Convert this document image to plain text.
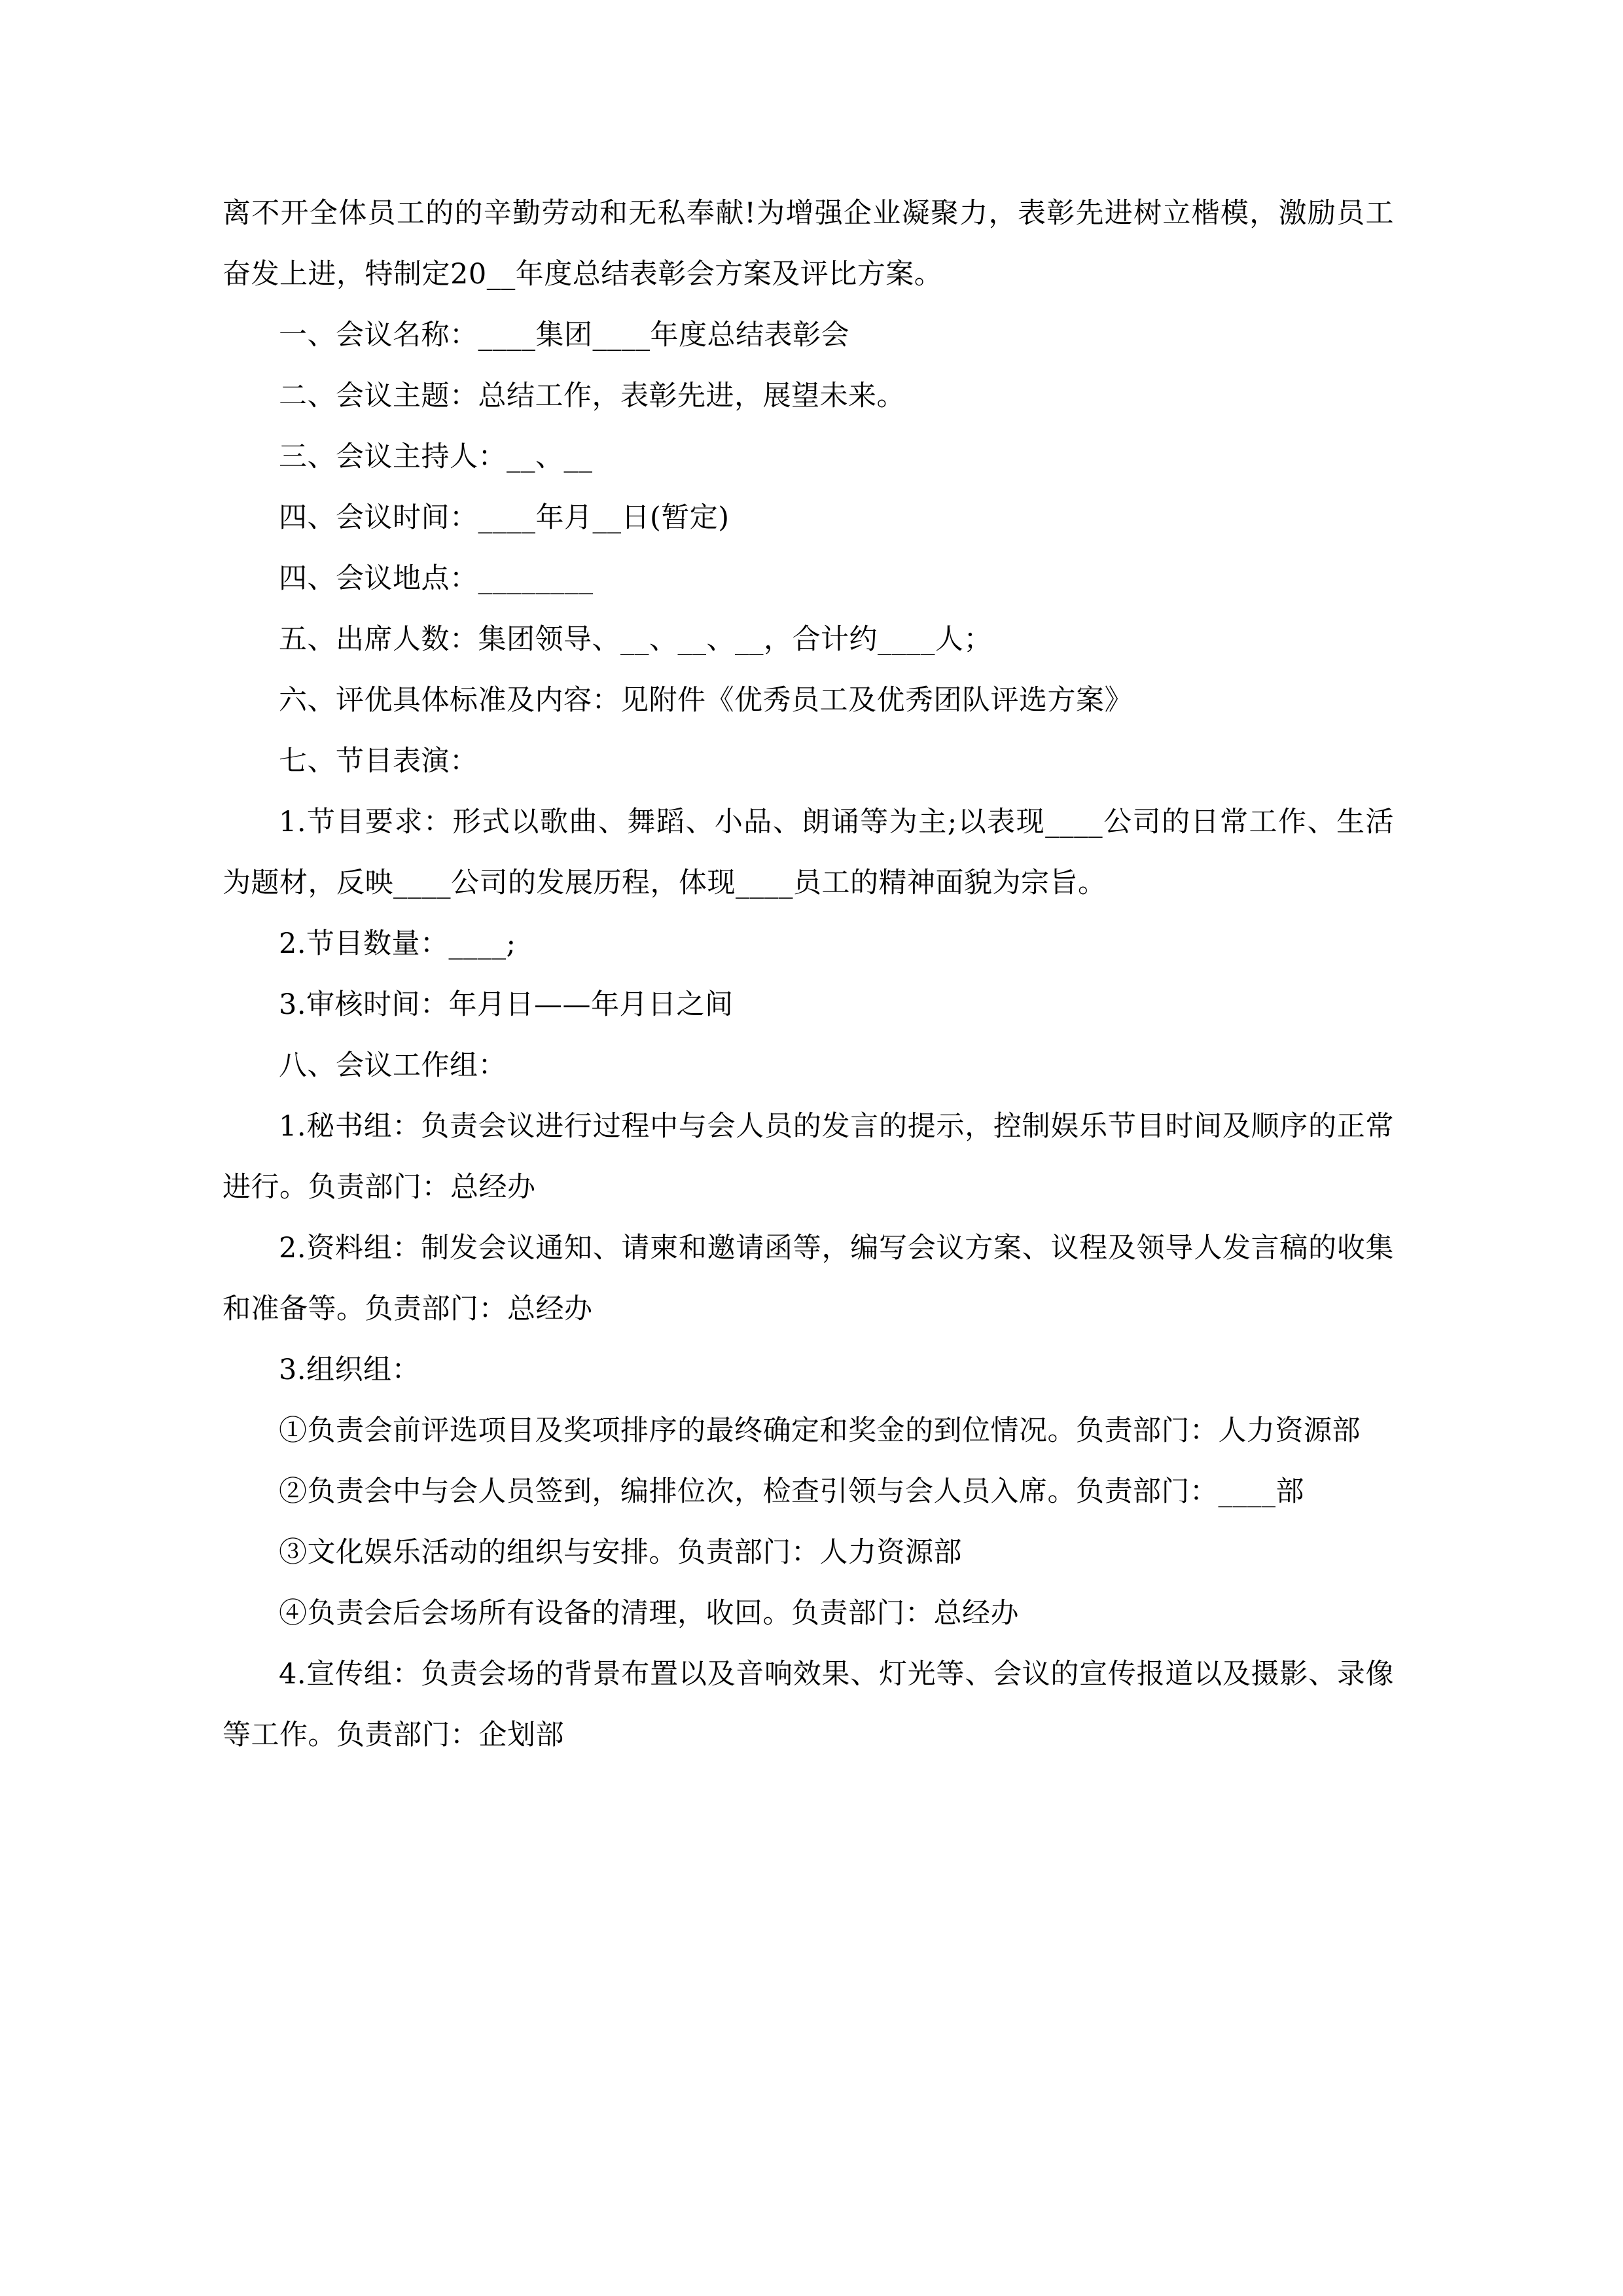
离不开全体员工的的辛勤劳动和无私奉献!为增强企业凝聚力，表彰先进树立楷模，激励员工奋发上进，特制定20__年度总结表彰会方案及评比方案。

一、会议名称：____集团____年度总结表彰会

二、会议主题：总结工作，表彰先进，展望未来。

三、会议主持人：__、__

四、会议时间：____年月__日(暂定)

四、会议地点：________

五、出席人数：集团领导、__、__、__，合计约____人；

六、评优具体标准及内容：见附件《优秀员工及优秀团队评选方案》

七、节目表演：

1.节目要求：形式以歌曲、舞蹈、小品、朗诵等为主;以表现____公司的日常工作、生活为题材，反映____公司的发展历程，体现____员工的精神面貌为宗旨。

2.节目数量：____;

3.审核时间：年月日——年月日之间

八、会议工作组：

1.秘书组：负责会议进行过程中与会人员的发言的提示，控制娱乐节目时间及顺序的正常进行。负责部门：总经办

2.资料组：制发会议通知、请柬和邀请函等，编写会议方案、议程及领导人发言稿的收集和准备等。负责部门：总经办

3.组织组：

①负责会前评选项目及奖项排序的最终确定和奖金的到位情况。负责部门：人力资源部

②负责会中与会人员签到，编排位次，检查引领与会人员入席。负责部门：____部

③文化娱乐活动的组织与安排。负责部门：人力资源部

④负责会后会场所有设备的清理，收回。负责部门：总经办

4.宣传组：负责会场的背景布置以及音响效果、灯光等、会议的宣传报道以及摄影、录像等工作。负责部门：企划部
